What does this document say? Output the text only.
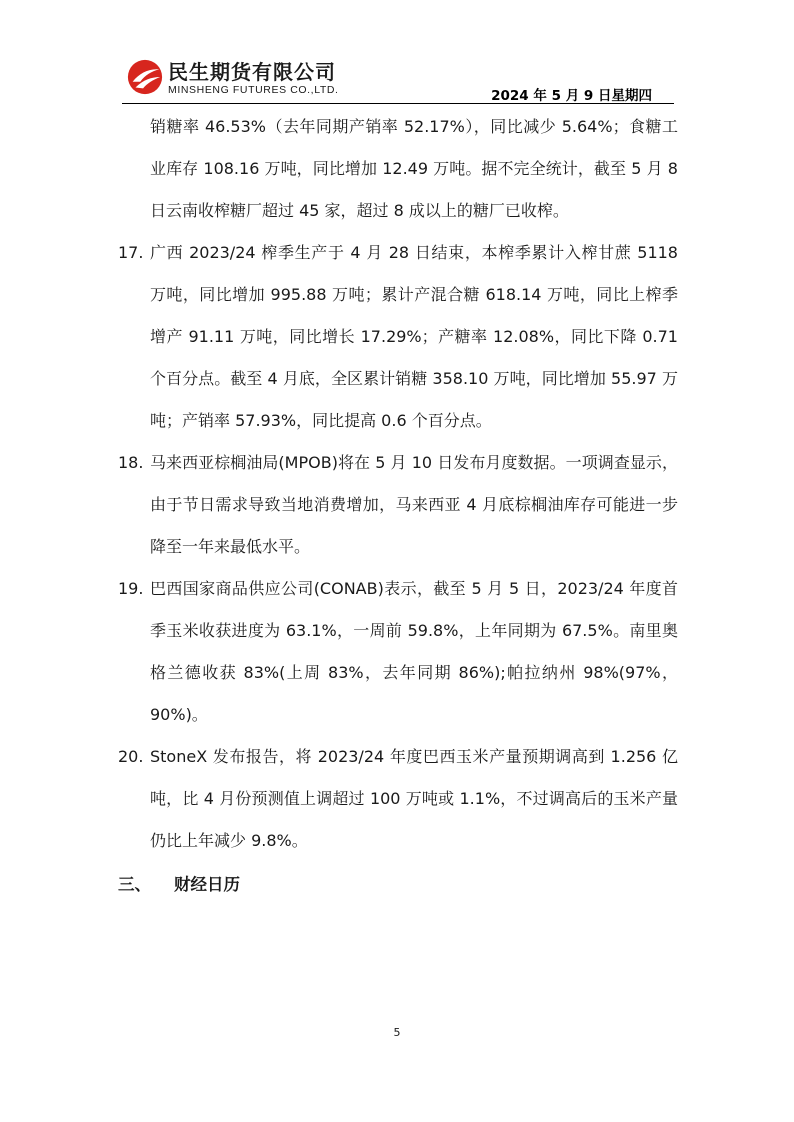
民生期货有限公司
MINSHENG FUTURES CO.,LTD.	2024 年 5 月 9 日星期四

销糖率 46.53%（去年同期产销率 52.17%），同比减少 5.64%；食糖工业库存 108.16 万吨，同比增加 12.49 万吨。据不完全统计，截至 5 月 8 日云南收榨糖厂超过 45 家，超过 8 成以上的糖厂已收榨。

17. 广西 2023/24 榨季生产于 4 月 28 日结束，本榨季累计入榨甘蔗 5118 万吨，同比增加 995.88 万吨；累计产混合糖 618.14 万吨，同比上榨季增产 91.11 万吨，同比增长 17.29%；产糖率 12.08%，同比下降 0.71 个百分点。截至 4 月底，全区累计销糖 358.10 万吨，同比增加 55.97 万吨；产销率 57.93%，同比提高 0.6 个百分点。

18. 马来西亚棕榈油局(MPOB)将在 5 月 10 日发布月度数据。一项调查显示，由于节日需求导致当地消费增加，马来西亚 4 月底棕榈油库存可能进一步降至一年来最低水平。

19. 巴西国家商品供应公司(CONAB)表示，截至 5 月 5 日，2023/24 年度首季玉米收获进度为 63.1%，一周前 59.8%，上年同期为 67.5%。南里奥格兰德收获 83%(上周 83%，去年同期 86%);帕拉纳州 98%(97%，90%)。

20. StoneX 发布报告，将 2023/24 年度巴西玉米产量预期调高到 1.256 亿吨，比 4 月份预测值上调超过 100 万吨或 1.1%，不过调高后的玉米产量仍比上年减少 9.8%。

三、 财经日历
5
